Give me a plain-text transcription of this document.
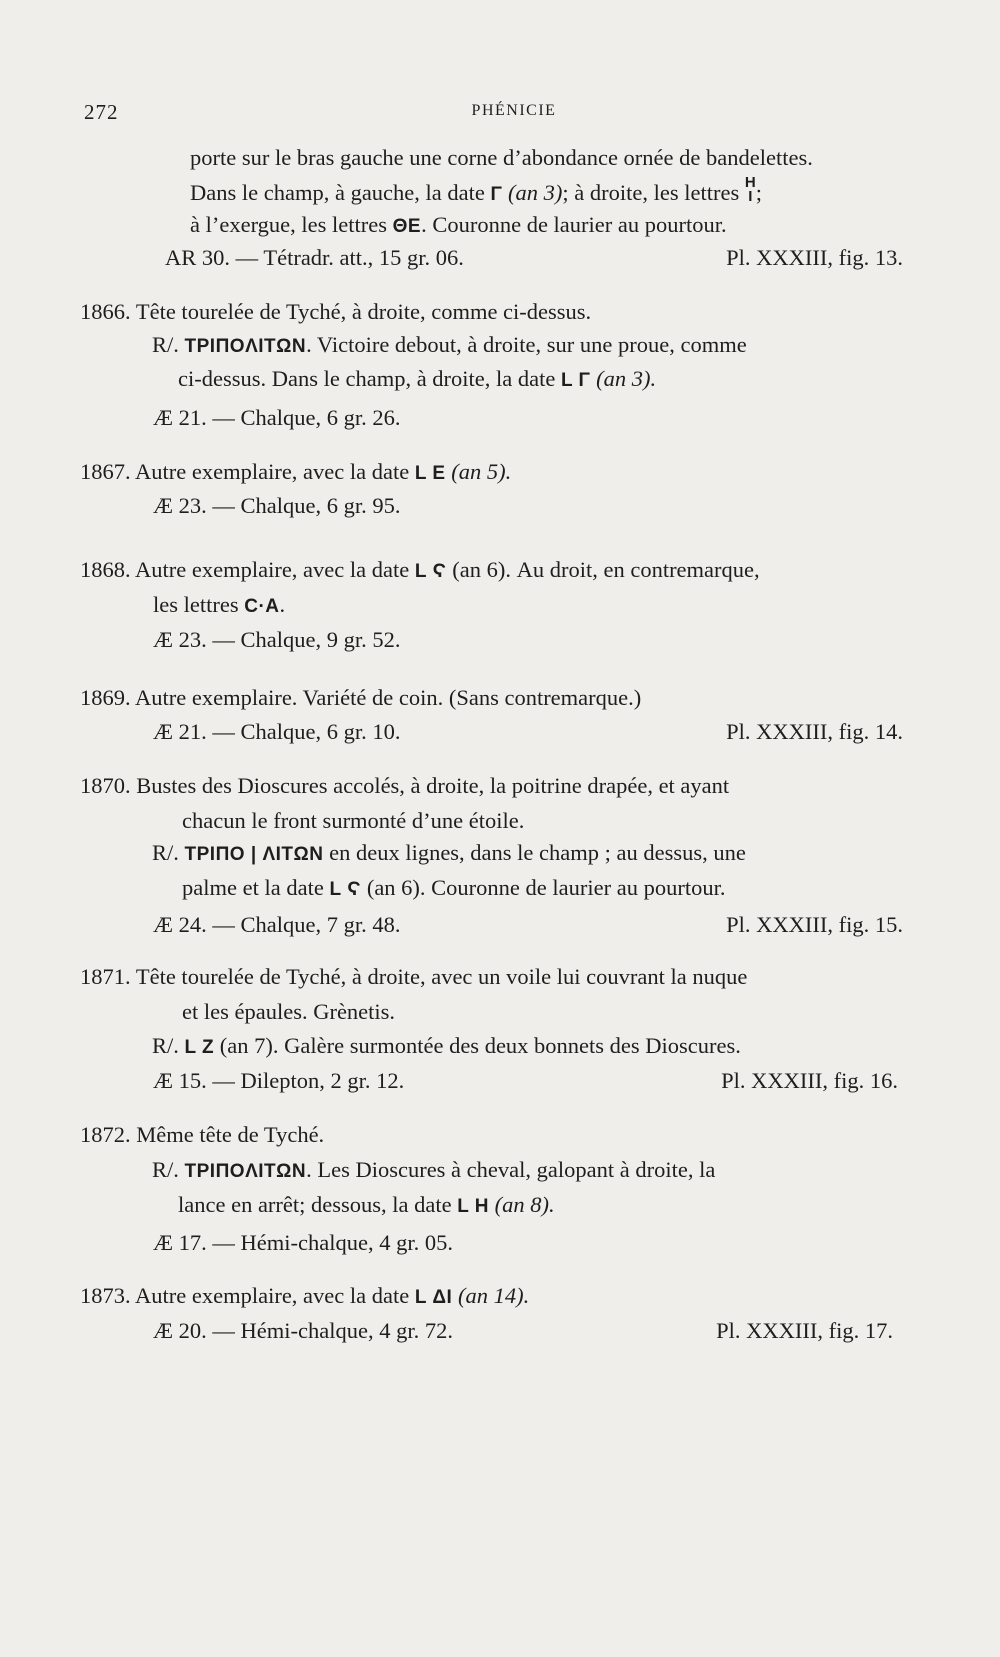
272	PHÉNICIE
porte sur le bras gauche une corne d’abondance ornée de bandelettes.
Dans le champ, à gauche, la date Γ (an 3); à droite, les lettres H
I ;
à l’exergue, les lettres ΘE. Couronne de laurier au pourtour.
AR 30. — Tétradr. att., 15 gr. 06.	Pl. XXXIII, fig. 13.
1866. Tête tourelée de Tyché, à droite, comme ci-dessus.
R/. TPIΠOΛITΩN. Victoire debout, à droite, sur une proue, comme
ci-dessus. Dans le champ, à droite, la date L Γ (an 3).
Æ 21. — Chalque, 6 gr. 26.
1867. Autre exemplaire, avec la date L E (an 5).
Æ 23. — Chalque, 6 gr. 95.
1868. Autre exemplaire, avec la date L Ϛ (an 6). Au droit, en contremarque,
les lettres C·A.
Æ 23. — Chalque, 9 gr. 52.
1869. Autre exemplaire. Variété de coin. (Sans contremarque.)
Æ 21. — Chalque, 6 gr. 10.	Pl. XXXIII, fig. 14.
1870. Bustes des Dioscures accolés, à droite, la poitrine drapée, et ayant
chacun le front surmonté d’une étoile.
R/. TPIΠO | ΛITΩN en deux lignes, dans le champ ; au dessus, une
palme et la date L Ϛ (an 6). Couronne de laurier au pourtour.
Æ 24. — Chalque, 7 gr. 48.	Pl. XXXIII, fig. 15.
1871. Tête tourelée de Tyché, à droite, avec un voile lui couvrant la nuque
et les épaules. Grènetis.
R/. L Z (an 7). Galère surmontée des deux bonnets des Dioscures.
Æ 15. — Dilepton, 2 gr. 12.	Pl. XXXIII, fig. 16.
1872. Même tête de Tyché.
R/. TPIΠOΛITΩN. Les Dioscures à cheval, galopant à droite, la
lance en arrêt; dessous, la date L H (an 8).
Æ 17. — Hémi-chalque, 4 gr. 05.
1873. Autre exemplaire, avec la date L ΔI (an 14).
Æ 20. — Hémi-chalque, 4 gr. 72.	Pl. XXXIII, fig. 17.
